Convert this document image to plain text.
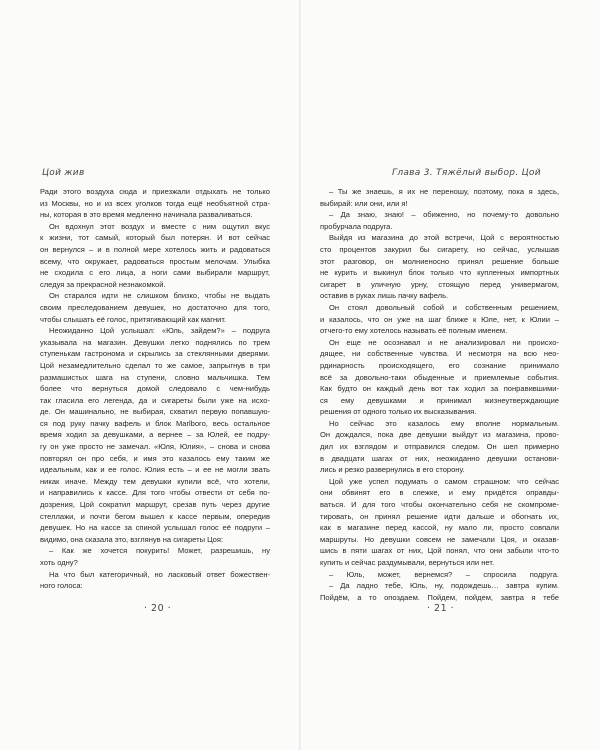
Цой жив
Ради этого воздуха сюда и приезжали отдыхать не только
из Москвы, но и из всех уголков тогда ещё необъятной стра-
ны, которая в это время медленно начинала разваливаться.
Он вдохнул этот воздух и вместе с ним ощутил вкус
к жизни, тот самый, который был потерян. И вот сейчас
он вернулся – и в полной мере хотелось жить и радоваться
всему, что окружает, радоваться простым мелочам. Улыбка
не сходила с его лица, а ноги сами выбирали маршрут,
следуя за прекрасной незнакомкой.
Он старался идти не слишком близко, чтобы не выдать
своим преследованием девушек, но достаточно для того,
чтобы слышать её голос, притягивающий как магнит.
Неожиданно Цой услышал: «Юль, зайдем?» – подруга
указывала на магазин. Девушки легко поднялись по трем
ступенькам гастронома и скрылись за стеклянными дверями.
Цой незамедлительно сделал то же самое, запрыгнув в три
размашистых шага на ступени, словно мальчишка. Тем
более что вернуться домой следовало с чем-нибудь
так гласила его легенда, да и сигареты были уже на исхо-
де. Он машинально, не выбирая, схватил первую попавшую-
ся под руку пачку вафель и блок Marlboro, весь остальное
время ходил за девушками, а вернее – за Юлей, ее подру-
гу он уже просто не замечал. «Юля, Юлия», – снова и снова
повторял он про себя, и имя это казалось ему таким же
идеальным, как и ее голос. Юлия есть – и ее не могли звать
никак иначе. Между тем девушки купили всё, что хотели,
и направились к кассе. Для того чтобы отвести от себя по-
дозрения, Цой сократил маршрут, срезав путь через другие
стеллажи, и почти бегом вышел к кассе первым, опередив
девушек. Но на кассе за спиной услышал голос её подруги –
видимо, она сказала это, взглянув на сигареты Цоя:
– Как же хочется покурить! Может, разрешишь, ну
хоть одну?
На что был категоричный, но ласковый ответ божествен-
ного голоса:
· 20 ·
Глава 3. Тяжёлый выбор. Цой
– Ты же знаешь, я их не переношу, поэтому, пока я здесь,
выбирай: или они, или я!
– Да знаю, знаю! – обиженно, но почему-то довольно
пробурчала подруга.
Выйдя из магазина до этой встречи, Цой с вероятностью
сто процентов закурил бы сигарету, но сейчас, услышав
этот разговор, он молниеносно принял решение больше
не курить и выкинул блок только что купленных импортных
сигарет в уличную урну, стоящую перед универмагом,
оставив в руках лишь пачку вафель.
Он стоял довольный собой и собственным решением,
и казалось, что он уже на шаг ближе к Юле, нет, к Юлии –
отчего-то ему хотелось называть её полным именем.
Он еще не осознавал и не анализировал ни происхо-
дящее, ни собственные чувства. И несмотря на всю нео-
рдинарность происходящего, его сознание принимало
всё за довольно-таки обыденные и приемлемые события.
Как будто он каждый день вот так ходил за понравившими-
ся ему девушками и принимал жизнеутверждающие
решения от одного только их высказывания.
Но сейчас это казалось ему вполне нормальным.
Он дождался, пока две девушки выйдут из магазина, прово-
дил их взглядом и отправился следом. Он шел примерно
в двадцати шагах от них, неожиданно девушки останови-
лись и резко развернулись в его сторону.
Цой уже успел подумать о самом страшном: что сейчас
они обвинят его в слежке, и ему придётся оправды-
ваться. И для того чтобы окончательно себя не скомпроме-
тировать, он принял решение идти дальше и обогнать их,
как в магазине перед кассой, ну мало ли, просто совпали
маршруты. Но девушки совсем не замечали Цоя, и оказав-
шись в пяти шагах от них, Цой понял, что они забыли что-то
купить и сейчас раздумывали, вернуться или нет.
– Юль, может, вернемся? – спросила подруга.
– Да ладно тебе, Юль, ну, подождешь… завтра купим.
Пойдём, а то опоздаем. Пойдем, пойдем, завтра я тебе
· 21 ·
